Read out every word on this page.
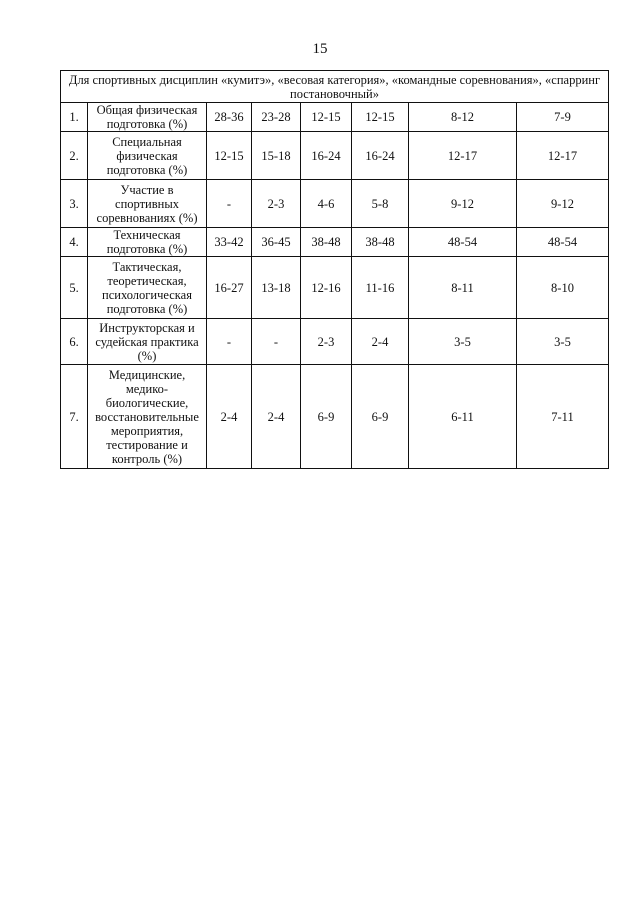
15
Для спортивных дисциплин «кумитэ», «весовая категория», «командные соревнования», «спарринг постановочный»							
1.	Общая физическая подготовка (%)	28-36	23-28	12-15	12-15	8-12	7-9
2.	Специальная физическая подготовка (%)	12-15	15-18	16-24	16-24	12-17	12-17
3.	Участие в спортивных соревнованиях (%)	-	2-3	4-6	5-8	9-12	9-12
4.	Техническая подготовка (%)	33-42	36-45	38-48	38-48	48-54	48-54
5.	Тактическая, теоретическая, психологическая подготовка (%)	16-27	13-18	12-16	11-16	8-11	8-10
6.	Инструкторская и судейская практика (%)	-	-	2-3	2-4	3-5	3-5
7.	Медицинские, медико-биологические, восстановительные мероприятия, тестирование и контроль (%)	2-4	2-4	6-9	6-9	6-11	7-11
